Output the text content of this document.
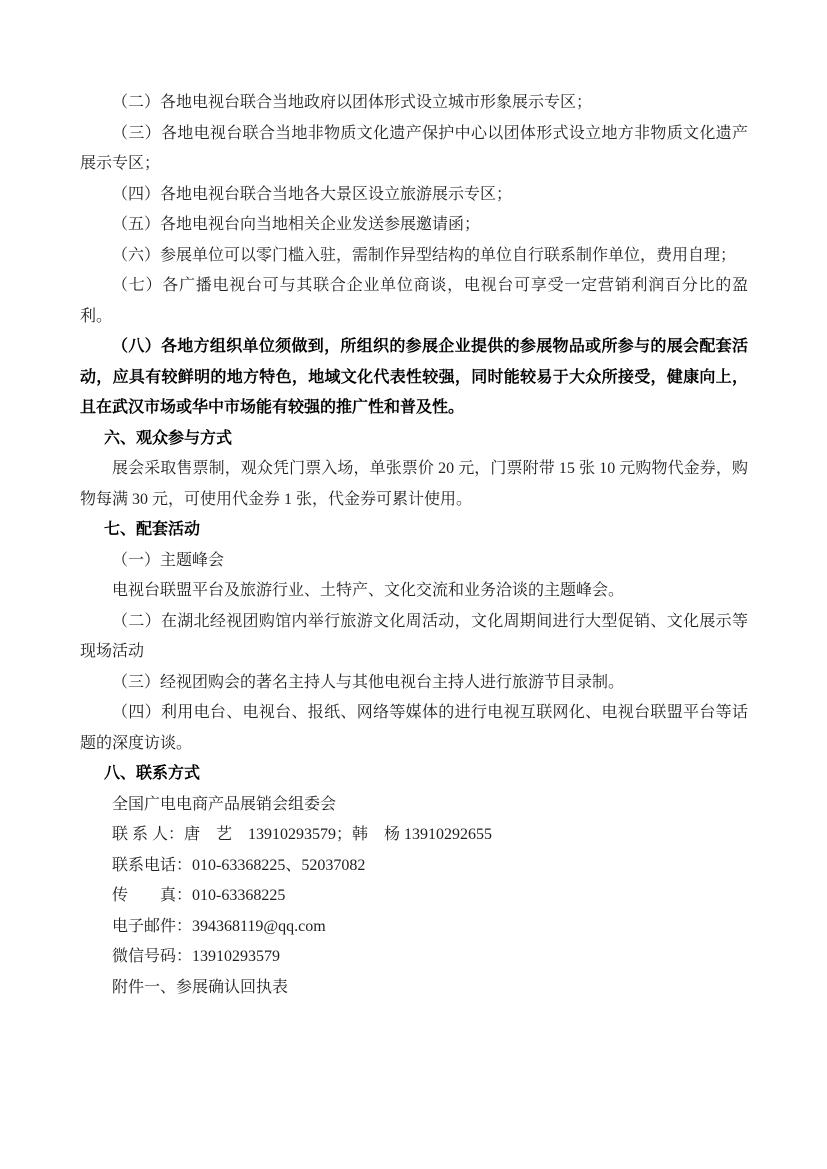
（二）各地电视台联合当地政府以团体形式设立城市形象展示专区；

（三）各地电视台联合当地非物质文化遗产保护中心以团体形式设立地方非物质文化遗产展示专区；

（四）各地电视台联合当地各大景区设立旅游展示专区；

（五）各地电视台向当地相关企业发送参展邀请函；

（六）参展单位可以零门槛入驻，需制作异型结构的单位自行联系制作单位，费用自理；

（七）各广播电视台可与其联合企业单位商谈，电视台可享受一定营销利润百分比的盈利。

（八）各地方组织单位须做到，所组织的参展企业提供的参展物品或所参与的展会配套活动，应具有较鲜明的地方特色，地域文化代表性较强，同时能较易于大众所接受，健康向上，且在武汉市场或华中市场能有较强的推广性和普及性。

六、观众参与方式

展会采取售票制，观众凭门票入场，单张票价 20 元，门票附带 15 张 10 元购物代金券，购物每满 30 元，可使用代金券 1 张，代金券可累计使用。

七、配套活动

（一）主题峰会

电视台联盟平台及旅游行业、土特产、文化交流和业务洽谈的主题峰会。

（二）在湖北经视团购馆内举行旅游文化周活动，文化周期间进行大型促销、文化展示等现场活动

（三）经视团购会的著名主持人与其他电视台主持人进行旅游节目录制。

（四）利用电台、电视台、报纸、网络等媒体的进行电视互联网化、电视台联盟平台等话题的深度访谈。

八、联系方式

全国广电电商产品展销会组委会

联 系 人：唐　艺　13910293579；韩　杨 13910292655

联系电话：010-63368225、52037082

传　　真：010-63368225

电子邮件：394368119@qq.com

微信号码：13910293579

附件一、参展确认回执表
